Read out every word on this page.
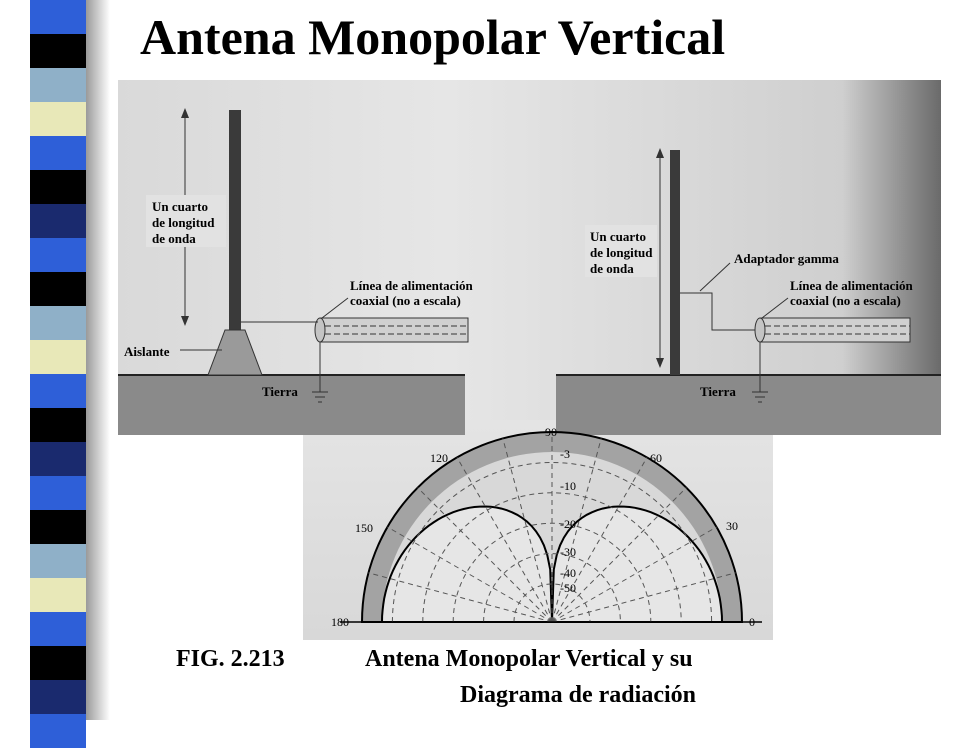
Antena Monopolar Vertical
Un cuarto
de longitud
de onda
Línea de alimentación
coaxial (no a escala)
Aislante
Tierra
Un cuarto
de longitud
de onda
Adaptador gamma
Línea de alimentación
coaxial (no a escala)
Tierra
90
120	60
150	30
180	0
-3
-10
-20
-30
-40
-50

FIG. 2.213	Antena Monopolar Vertical y su

Diagrama de radiación
